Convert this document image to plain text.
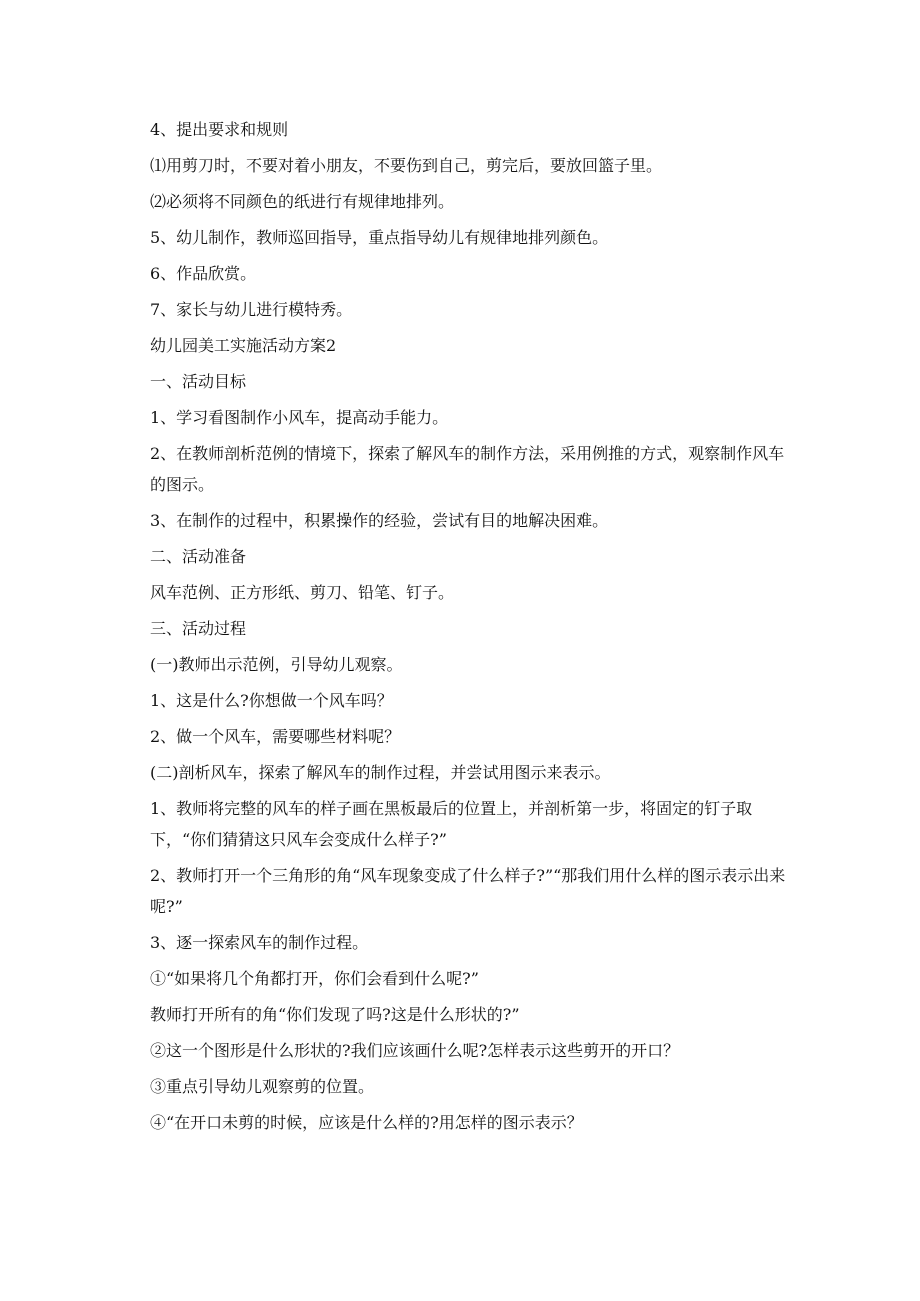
4、提出要求和规则

⑴用剪刀时，不要对着小朋友，不要伤到自己，剪完后，要放回篮子里。

⑵必须将不同颜色的纸进行有规律地排列。

5、幼儿制作，教师巡回指导，重点指导幼儿有规律地排列颜色。

6、作品欣赏。

7、家长与幼儿进行模特秀。

幼儿园美工实施活动方案2

一、活动目标

1、学习看图制作小风车，提高动手能力。

2、在教师剖析范例的情境下，探索了解风车的制作方法，采用例推的方式，观察制作风车的图示。

3、在制作的过程中，积累操作的经验，尝试有目的地解决困难。

二、活动准备

风车范例、正方形纸、剪刀、铅笔、钉子。

三、活动过程

(一)教师出示范例，引导幼儿观察。

1、这是什么?你想做一个风车吗？

2、做一个风车，需要哪些材料呢？

(二)剖析风车，探索了解风车的制作过程，并尝试用图示来表示。

1、教师将完整的风车的样子画在黑板最后的位置上，并剖析第一步，将固定的钉子取下，“你们猜猜这只风车会变成什么样子?”

2、教师打开一个三角形的角“风车现象变成了什么样子?”“那我们用什么样的图示表示出来呢?”

3、逐一探索风车的制作过程。

①“如果将几个角都打开，你们会看到什么呢?”

教师打开所有的角“你们发现了吗?这是什么形状的?”

②这一个图形是什么形状的?我们应该画什么呢?怎样表示这些剪开的开口？

③重点引导幼儿观察剪的位置。

④“在开口未剪的时候，应该是什么样的?用怎样的图示表示？
